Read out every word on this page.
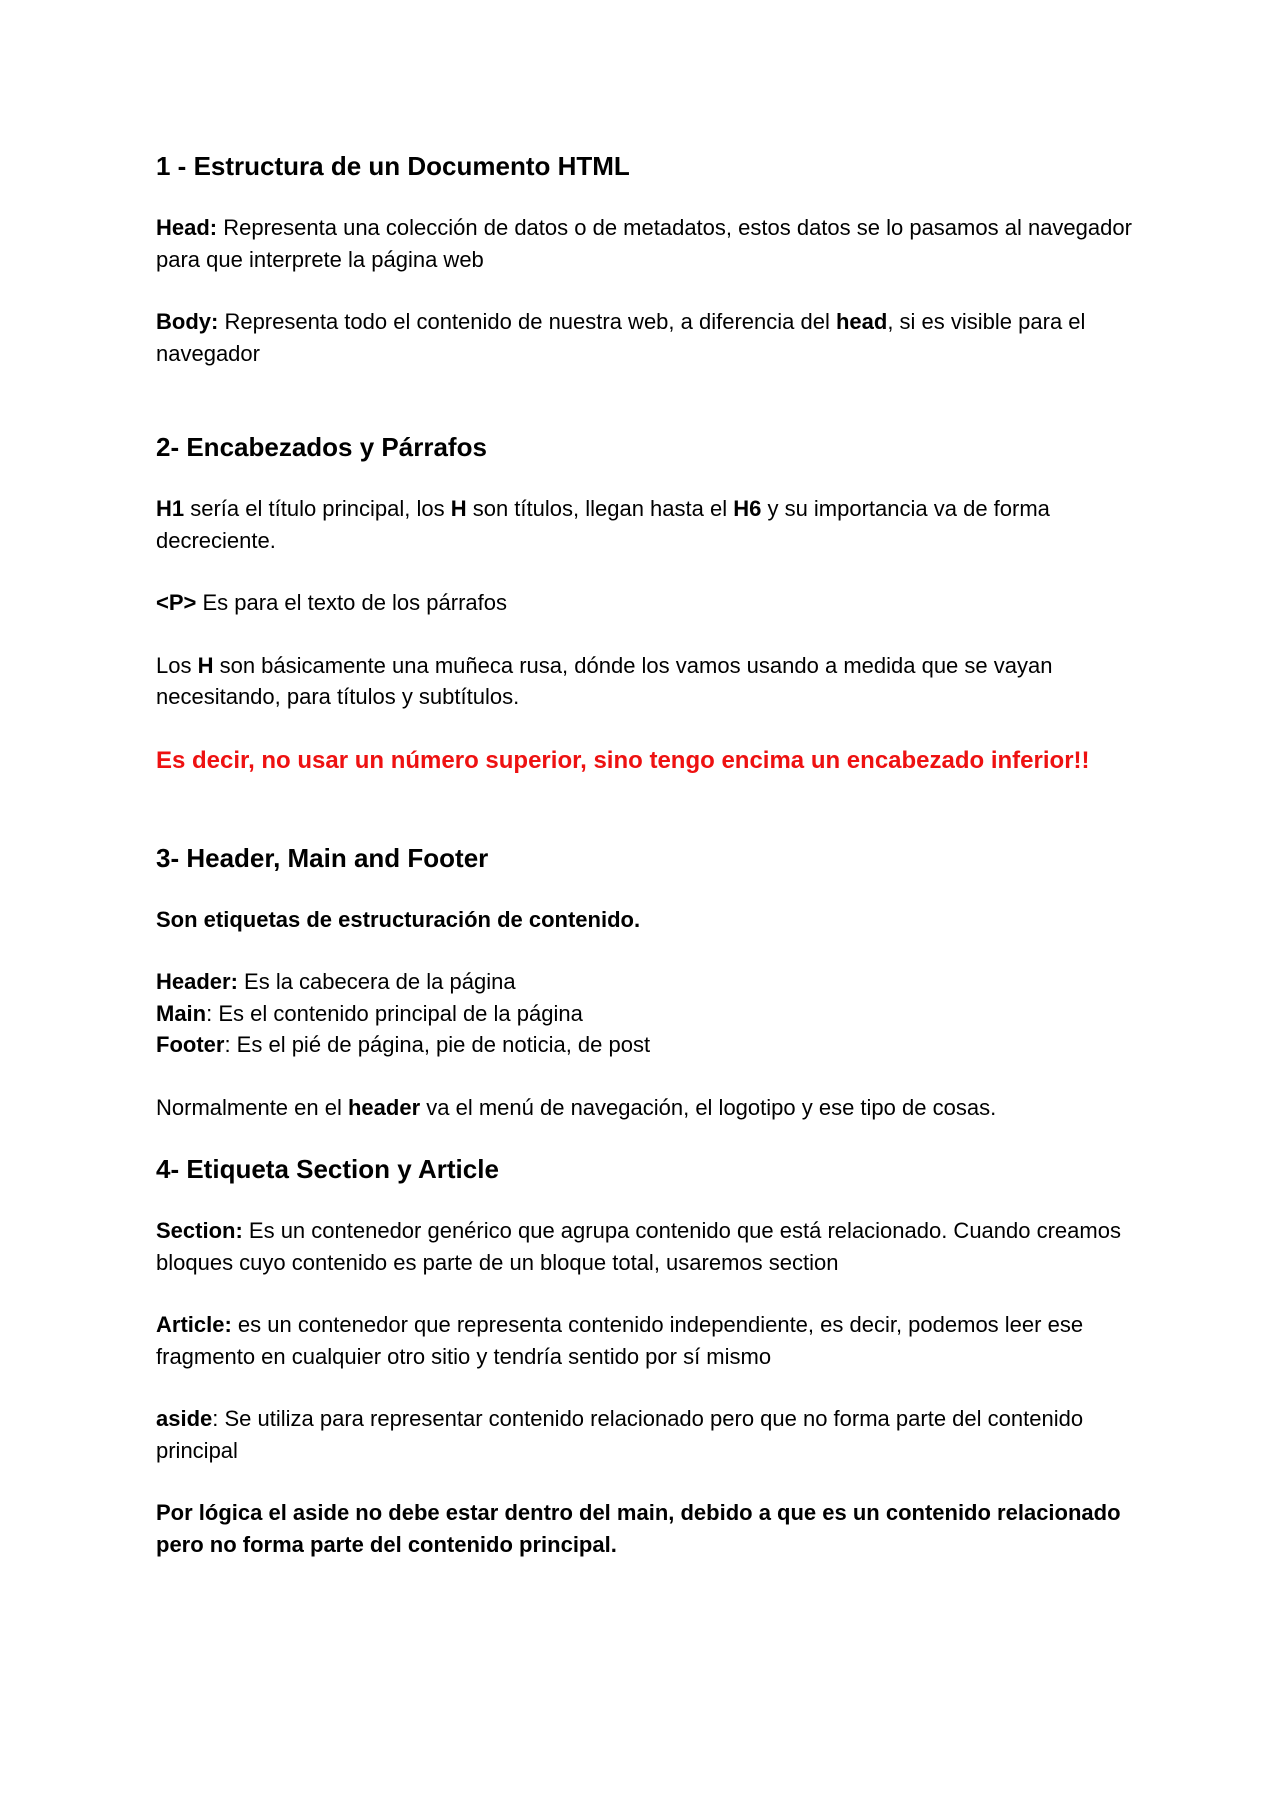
1 - Estructura de un Documento HTML

Head: Representa una colección de datos o de metadatos, estos datos se lo pasamos al navegador para que interprete la página web

Body: Representa todo el contenido de nuestra web, a diferencia del head, si es visible para el navegador

2- Encabezados y Párrafos

H1 sería el título principal, los H son títulos, llegan hasta el H6 y su importancia va de forma decreciente.

<P> Es para el texto de los párrafos

Los H son básicamente una muñeca rusa, dónde los vamos usando a medida que se vayan necesitando, para títulos y subtítulos.

Es decir, no usar un número superior, sino tengo encima un encabezado inferior!!

3- Header, Main and Footer

Son etiquetas de estructuración de contenido.

Header: Es la cabecera de la página

Main: Es el contenido principal de la página

Footer: Es el pié de página, pie de noticia, de post

Normalmente en el header va el menú de navegación, el logotipo y ese tipo de cosas.

4- Etiqueta Section y Article

Section: Es un contenedor genérico que agrupa contenido que está relacionado. Cuando creamos bloques cuyo contenido es parte de un bloque total, usaremos section

Article: es un contenedor que representa contenido independiente, es decir, podemos leer ese fragmento en cualquier otro sitio y tendría sentido por sí mismo

aside: Se utiliza para representar contenido relacionado pero que no forma parte del contenido principal

Por lógica el aside no debe estar dentro del main, debido a que es un contenido relacionado pero no forma parte del contenido principal.
